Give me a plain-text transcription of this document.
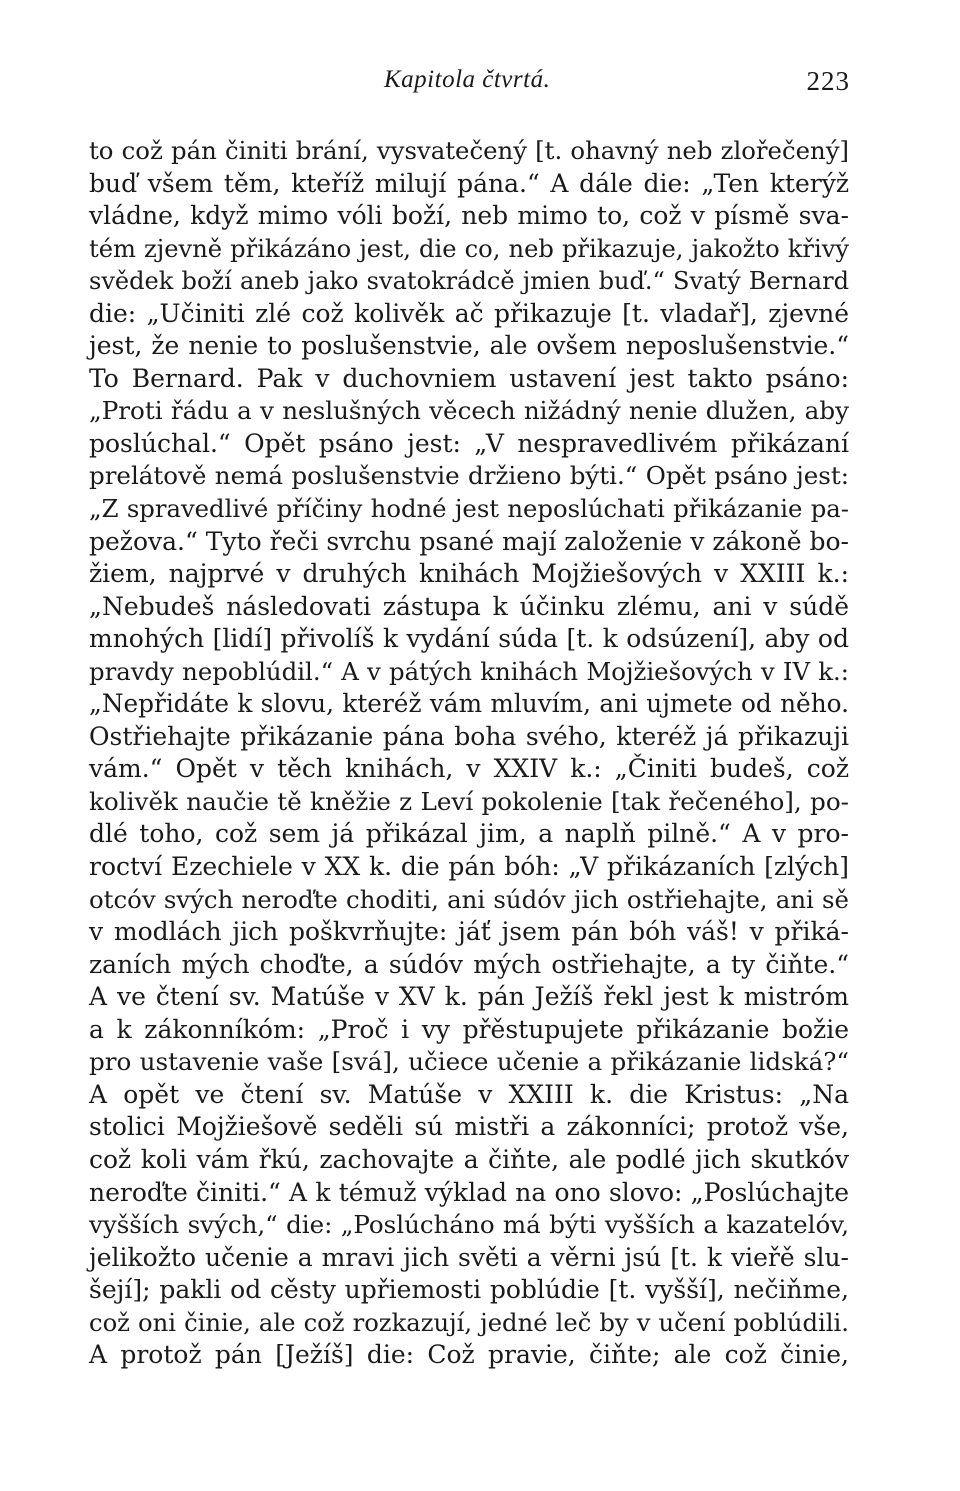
Kapitola čtvrtá.	223
to což pán činiti brání, vysvatečený [t. ohavný neb zlořečený]
buď všem těm, kteříž milují pána.“ A dále die: „Ten kterýž
vládne, když mimo vóli boží, neb mimo to, což v písmě sva-
tém zjevně přikázáno jest, die co, neb přikazuje, jakožto křivý
svědek boží aneb jako svatokrádcě jmien buď.“ Svatý Bernard
die: „Učiniti zlé což kolivěk ač přikazuje [t. vladař], zjevné
jest, že nenie to poslušenstvie, ale ovšem neposlušenstvie.“
To Bernard. Pak v duchovniem ustavení jest takto psáno:
„Proti řádu a v neslušných věcech nižádný nenie dlužen, aby
poslúchal.“ Opět psáno jest: „V nespravedlivém přikázaní
prelátově nemá poslušenstvie držieno býti.“ Opět psáno jest:
„Z spravedlivé příčiny hodné jest neposlúchati přikázanie pa-
pežova.“ Tyto řeči svrchu psané mají založenie v zákoně bo-
žiem, najprvé v druhých knihách Mojžiešových v XXIII k.:
„Nebudeš následovati zástupa k účinku zlému, ani v súdě
mnohých [lidí] přivolíš k vydání súda [t. k odsúzení], aby od
pravdy nepoblúdil.“ A v pátých knihách Mojžiešových v IV k.:
„Nepřidáte k slovu, kteréž vám mluvím, ani ujmete od něho.
Ostřiehajte přikázanie pána boha svého, kteréž já přikazuji
vám.“ Opět v těch knihách, v XXIV k.: „Činiti budeš, což
kolivěk naučie tě kněžie z Leví pokolenie [tak řečeného], po-
dlé toho, což sem já přikázal jim, a naplň pilně.“ A v pro-
roctví Ezechiele v XX k. die pán bóh: „V přikázaních [zlých]
otcóv svých neroďte choditi, ani súdóv jich ostřiehajte, ani sě
v modlách jich poškvrňujte: jáť jsem pán bóh váš! v přiká-
zaních mých choďte, a súdóv mých ostřiehajte, a ty čiňte.“
A ve čtení sv. Matúše v XV k. pán Ježíš řekl jest k mistróm
a k zákonníkóm: „Proč i vy přěstupujete přikázanie božie
pro ustavenie vaše [svá], učiece učenie a přikázanie lidská?“
A opět ve čtení sv. Matúše v XXIII k. die Kristus: „Na
stolici Mojžiešově seděli sú mistři a zákonníci; protož vše,
což koli vám řkú, zachovajte a čiňte, ale podlé jich skutkóv
neroďte činiti.“ A k témuž výklad na ono slovo: „Poslúchajte
vyšších svých,“ die: „Poslúcháno má býti vyšších a kazatelóv,
jelikožto učenie a mravi jich světi a věrni jsú [t. k vieřě slu-
šejí]; pakli od cěsty upřiemosti poblúdie [t. vyšší], nečiňme,
což oni činie, ale což rozkazují, jedné leč by v učení poblúdili.
A protož pán [Ježíš] die: Což pravie, čiňte; ale což činie,
